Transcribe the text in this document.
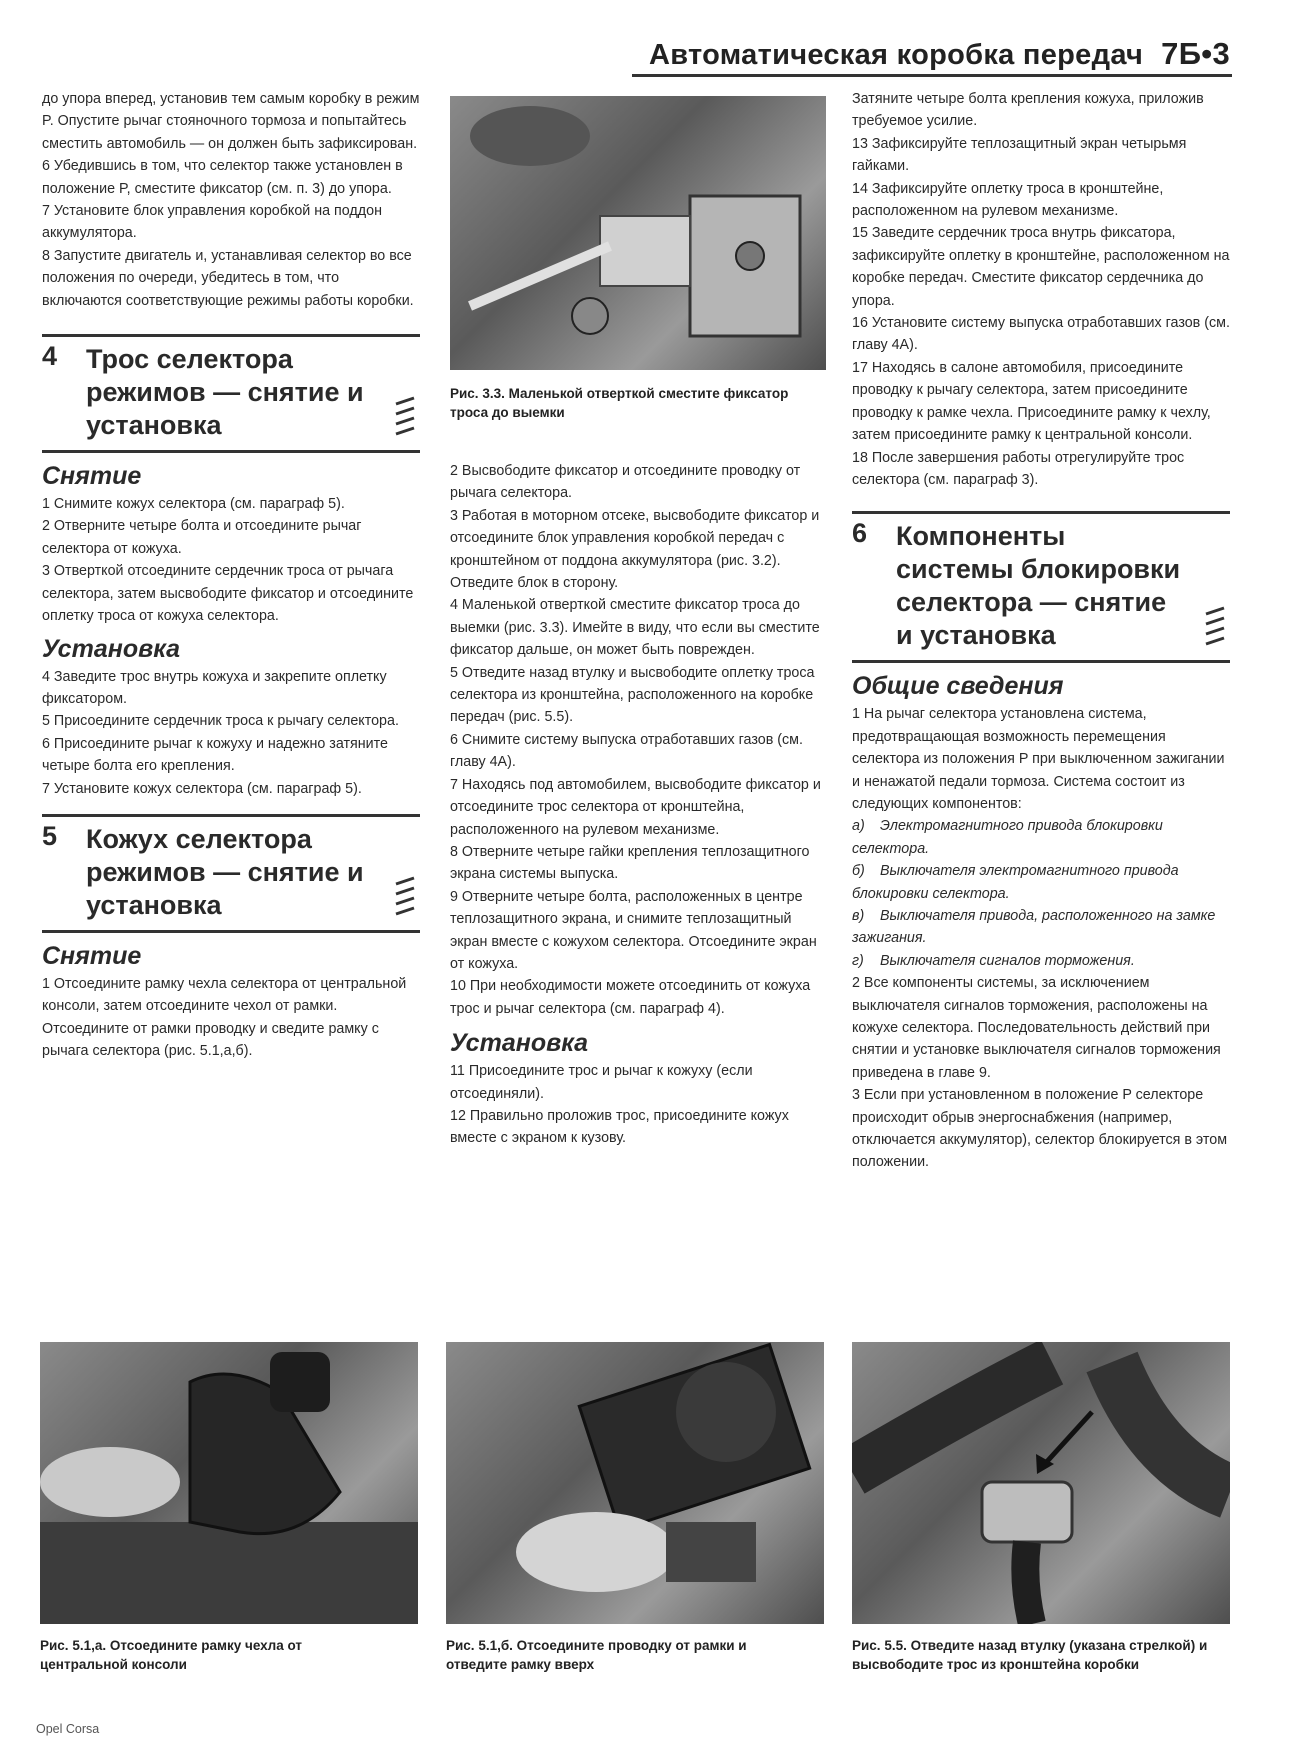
Автоматическая коробка передач 7Б•3

до упора вперед, установив тем самым коробку в режим P. Опустите рычаг стояночного тормоза и попытайтесь сместить автомобиль — он должен быть зафиксирован.

6 Убедившись в том, что селектор также установлен в положение P, сместите фиксатор (см. п. 3) до упора.

7 Установите блок управления коробкой на поддон аккумулятора.

8 Запустите двигатель и, устанавливая селектор во все положения по очереди, убедитесь в том, что включаются соответствующие режимы работы коробки.

4 Трос селектора режимов — снятие и установка
Снятие

1 Снимите кожух селектора (см. параграф 5).

2 Отверните четыре болта и отсоедините рычаг селектора от кожуха.

3 Отверткой отсоедините сердечник троса от рычага селектора, затем высвободите фиксатор и отсоедините оплетку троса от кожуха селектора.

Установка

4 Заведите трос внутрь кожуха и закрепите оплетку фиксатором.

5 Присоедините сердечник троса к рычагу селектора.

6 Присоедините рычаг к кожуху и надежно затяните четыре болта его крепления.

7 Установите кожух селектора (см. параграф 5).

5 Кожух селектора режимов — снятие и установка
Снятие

1 Отсоедините рамку чехла селектора от центральной консоли, затем отсоедините чехол от рамки. Отсоедините от рамки проводку и сведите рамку с рычага селектора (рис. 5.1,а,б).

Рис. 3.3. Маленькой отверткой сместите фиксатор троса до выемки

2 Высвободите фиксатор и отсоедините проводку от рычага селектора.

3 Работая в моторном отсеке, высвободите фиксатор и отсоедините блок управления коробкой передач с кронштейном от поддона аккумулятора (рис. 3.2). Отведите блок в сторону.

4 Маленькой отверткой сместите фиксатор троса до выемки (рис. 3.3). Имейте в виду, что если вы сместите фиксатор дальше, он может быть поврежден.

5 Отведите назад втулку и высвободите оплетку троса селектора из кронштейна, расположенного на коробке передач (рис. 5.5).

6 Снимите систему выпуска отработавших газов (см. главу 4А).

7 Находясь под автомобилем, высвободите фиксатор и отсоедините трос селектора от кронштейна, расположенного на рулевом механизме.

8 Отверните четыре гайки крепления теплозащитного экрана системы выпуска.

9 Отверните четыре болта, расположенных в центре теплозащитного экрана, и снимите теплозащитный экран вместе с кожухом селектора. Отсоедините экран от кожуха.

10 При необходимости можете отсоединить от кожуха трос и рычаг селектора (см. параграф 4).

Установка

11 Присоедините трос и рычаг к кожуху (если отсоединяли).

12 Правильно проложив трос, присоедините кожух вместе с экраном к кузову.

Затяните четыре болта крепления кожуха, приложив требуемое усилие.

13 Зафиксируйте теплозащитный экран четырьмя гайками.

14 Зафиксируйте оплетку троса в кронштейне, расположенном на рулевом механизме.

15 Заведите сердечник троса внутрь фиксатора, зафиксируйте оплетку в кронштейне, расположенном на коробке передач. Сместите фиксатор сердечника до упора.

16 Установите систему выпуска отработавших газов (см. главу 4А).

17 Находясь в салоне автомобиля, присоедините проводку к рычагу селектора, затем присоедините проводку к рамке чехла. Присоедините рамку к чехлу, затем присоедините рамку к центральной консоли.

18 После завершения работы отрегулируйте трос селектора (см. параграф 3).

6 Компоненты системы блокировки селектора — снятие и установка
Общие сведения

1 На рычаг селектора установлена система, предотвращающая возможность перемещения селектора из положения P при выключенном зажигании и ненажатой педали тормоза. Система состоит из следующих компонентов:

а) Электромагнитного привода блокировки селектора.

б) Выключателя электромагнитного привода блокировки селектора.

в) Выключателя привода, расположенного на замке зажигания.

г) Выключателя сигналов торможения.

2 Все компоненты системы, за исключением выключателя сигналов торможения, расположены на кожухе селектора. Последовательность действий при снятии и установке выключателя сигналов торможения приведена в главе 9.

3 Если при установленном в положение P селекторе происходит обрыв энергоснабжения (например, отключается аккумулятор), селектор блокируется в этом положении.

Рис. 5.1,а. Отсоедините рамку чехла от центральной консоли
Рис. 5.1,б. Отсоедините проводку от рамки и отведите рамку вверх
Рис. 5.5. Отведите назад втулку (указана стрелкой) и высвободите трос из кронштейна коробки
Opel Corsa
